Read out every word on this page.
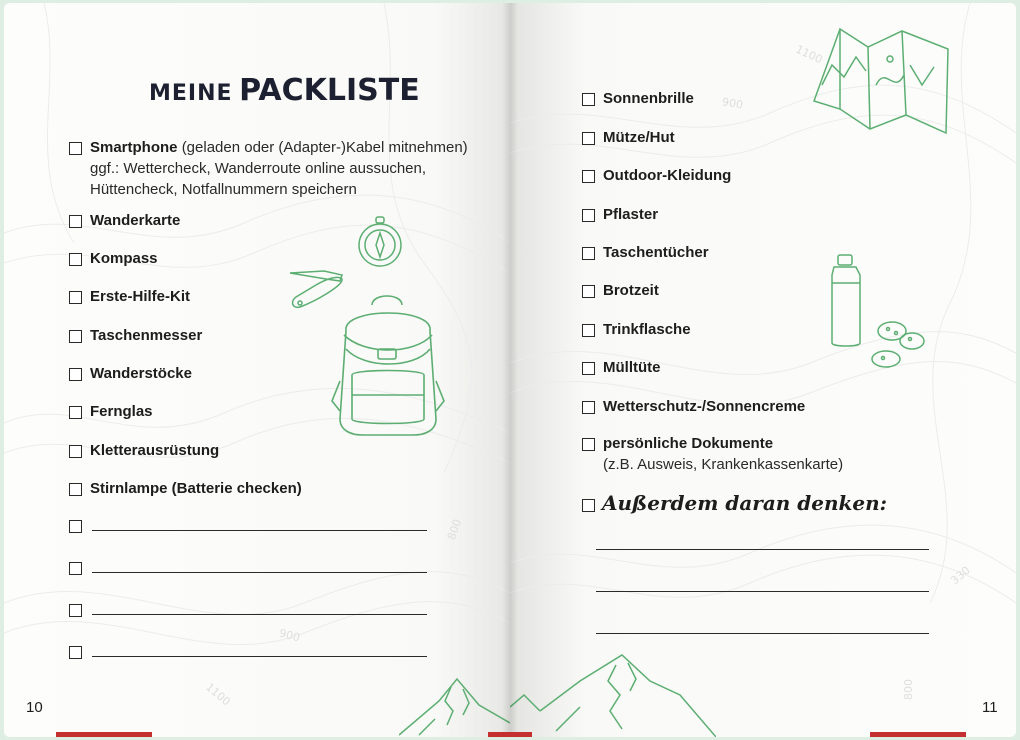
800
900
1100
MEINE PACKLISTE
Smartphone (geladen oder (Adapter-)Kabel mitnehmen)
ggf.: Wettercheck, Wanderroute online aussuchen,
Hüttencheck, Notfallnummern speichern
Wanderkarte
Kompass
Erste-Hilfe-Kit
Taschenmesser
Wanderstöcke
Fernglas
Kletterausrüstung
Stirnlampe (Batterie checken)
10
1100
900
330
800
Sonnenbrille
Mütze/Hut
Outdoor-Kleidung
Pflaster
Taschentücher
Brotzeit
Trinkflasche
Mülltüte
Wetterschutz-/Sonnencreme
persönliche Dokumente
(z.B. Ausweis, Krankenkassenkarte)
Außerdem daran denken:
11
